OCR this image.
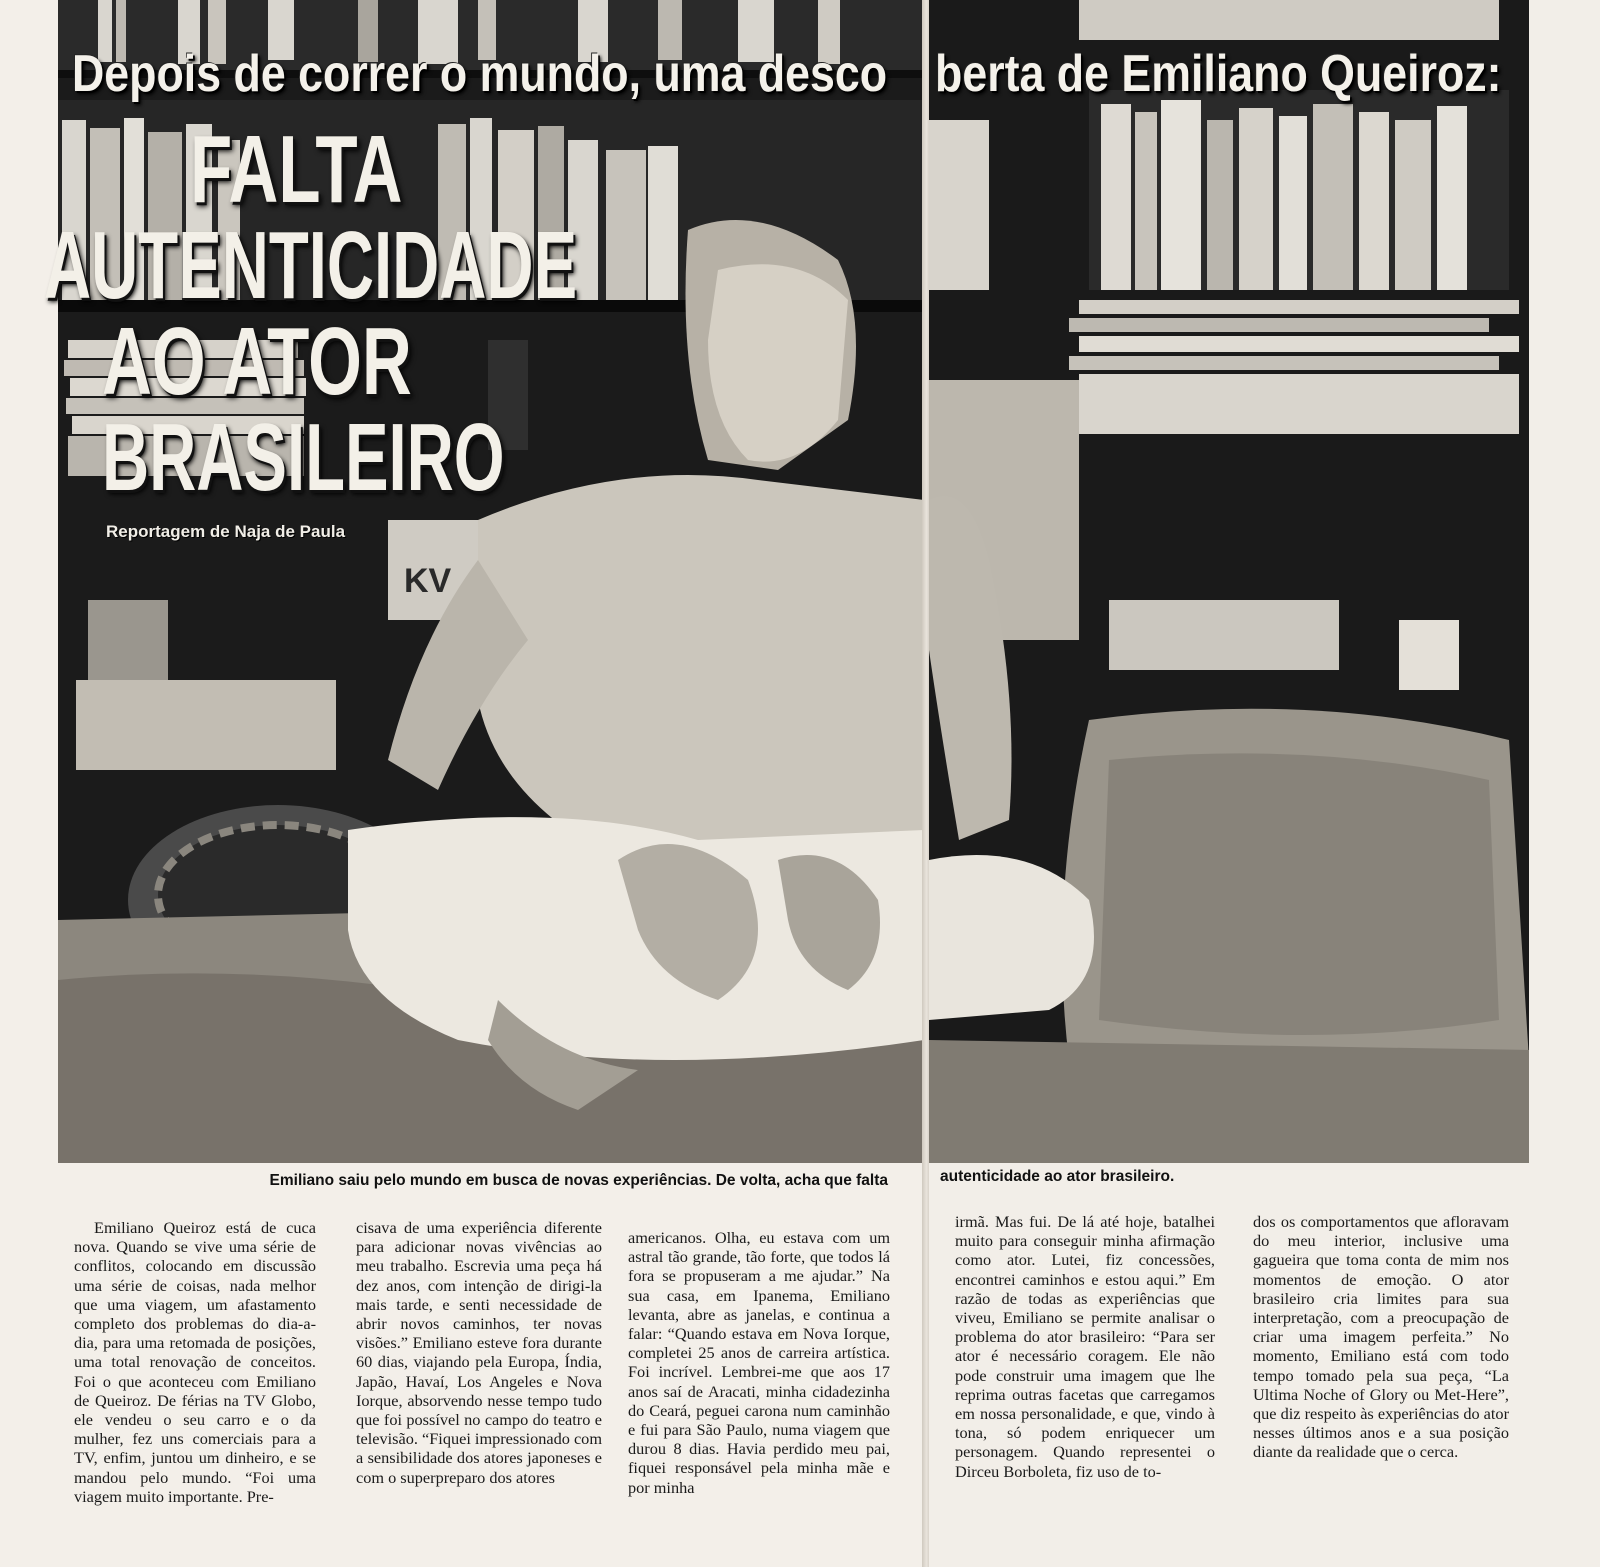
KV
Depois de correr o mundo, uma desco
FALTA
AUTENTICIDADE
AO ATOR
BRASILEIRO

Reportagem de Naja de Paula

Emiliano saiu pelo mundo em busca de novas experiências. De volta, acha que falta

Emiliano Queiroz está de cuca nova. Quando se vive uma série de conflitos, colocando em discussão uma série de coisas, nada melhor que uma viagem, um afastamento completo dos problemas do dia-a-dia, para uma retomada de posições, uma total renovação de conceitos. Foi o que aconteceu com Emiliano de Queiroz. De férias na TV Globo, ele vendeu o seu carro e o da mulher, fez uns comerciais para a TV, enfim, juntou um dinheiro, e se mandou pelo mundo. “Foi uma viagem muito importante. Pre-

cisava de uma experiência diferente para adicionar novas vivências ao meu trabalho. Escrevia uma peça há dez anos, com intenção de dirigi-la mais tarde, e senti necessidade de abrir novos caminhos, ter novas visões.” Emiliano esteve fora durante 60 dias, viajando pela Europa, Índia, Japão, Havaí, Los Angeles e Nova Iorque, absorvendo nesse tempo tudo que foi possível no campo do teatro e televisão. “Fiquei impressionado com a sensibilidade dos atores japoneses e com o superpreparo dos atores

americanos. Olha, eu estava com um astral tão grande, tão forte, que todos lá fora se propuseram a me ajudar.” Na sua casa, em Ipanema, Emiliano levanta, abre as janelas, e continua a falar: “Quando estava em Nova Iorque, completei 25 anos de carreira artística. Foi incrível. Lembrei-me que aos 17 anos saí de Aracati, minha cidadezinha do Ceará, peguei carona num caminhão e fui para São Paulo, numa viagem que durou 8 dias. Havia perdido meu pai, fiquei responsável pela minha mãe e por minha

berta de Emiliano Queiroz:

autenticidade ao ator brasileiro.

irmã. Mas fui. De lá até hoje, batalhei muito para conseguir minha afirmação como ator. Lutei, fiz concessões, encontrei caminhos e estou aqui.” Em razão de todas as experiências que viveu, Emiliano se permite analisar o problema do ator brasileiro: “Para ser ator é necessário coragem. Ele não pode construir uma imagem que lhe reprima outras facetas que carregamos em nossa personalidade, e que, vindo à tona, só podem enriquecer um personagem. Quando representei o Dirceu Borboleta, fiz uso de to-

dos os comportamentos que afloravam do meu interior, inclusive uma gagueira que toma conta de mim nos momentos de emoção. O ator brasileiro cria limites para sua interpretação, com a preocupação de criar uma imagem perfeita.” No momento, Emiliano está com todo tempo tomado pela sua peça, “La Ultima Noche of Glory ou Met-Here”, que diz respeito às experiências do ator nesses últimos anos e a sua posição diante da realidade que o cerca.
